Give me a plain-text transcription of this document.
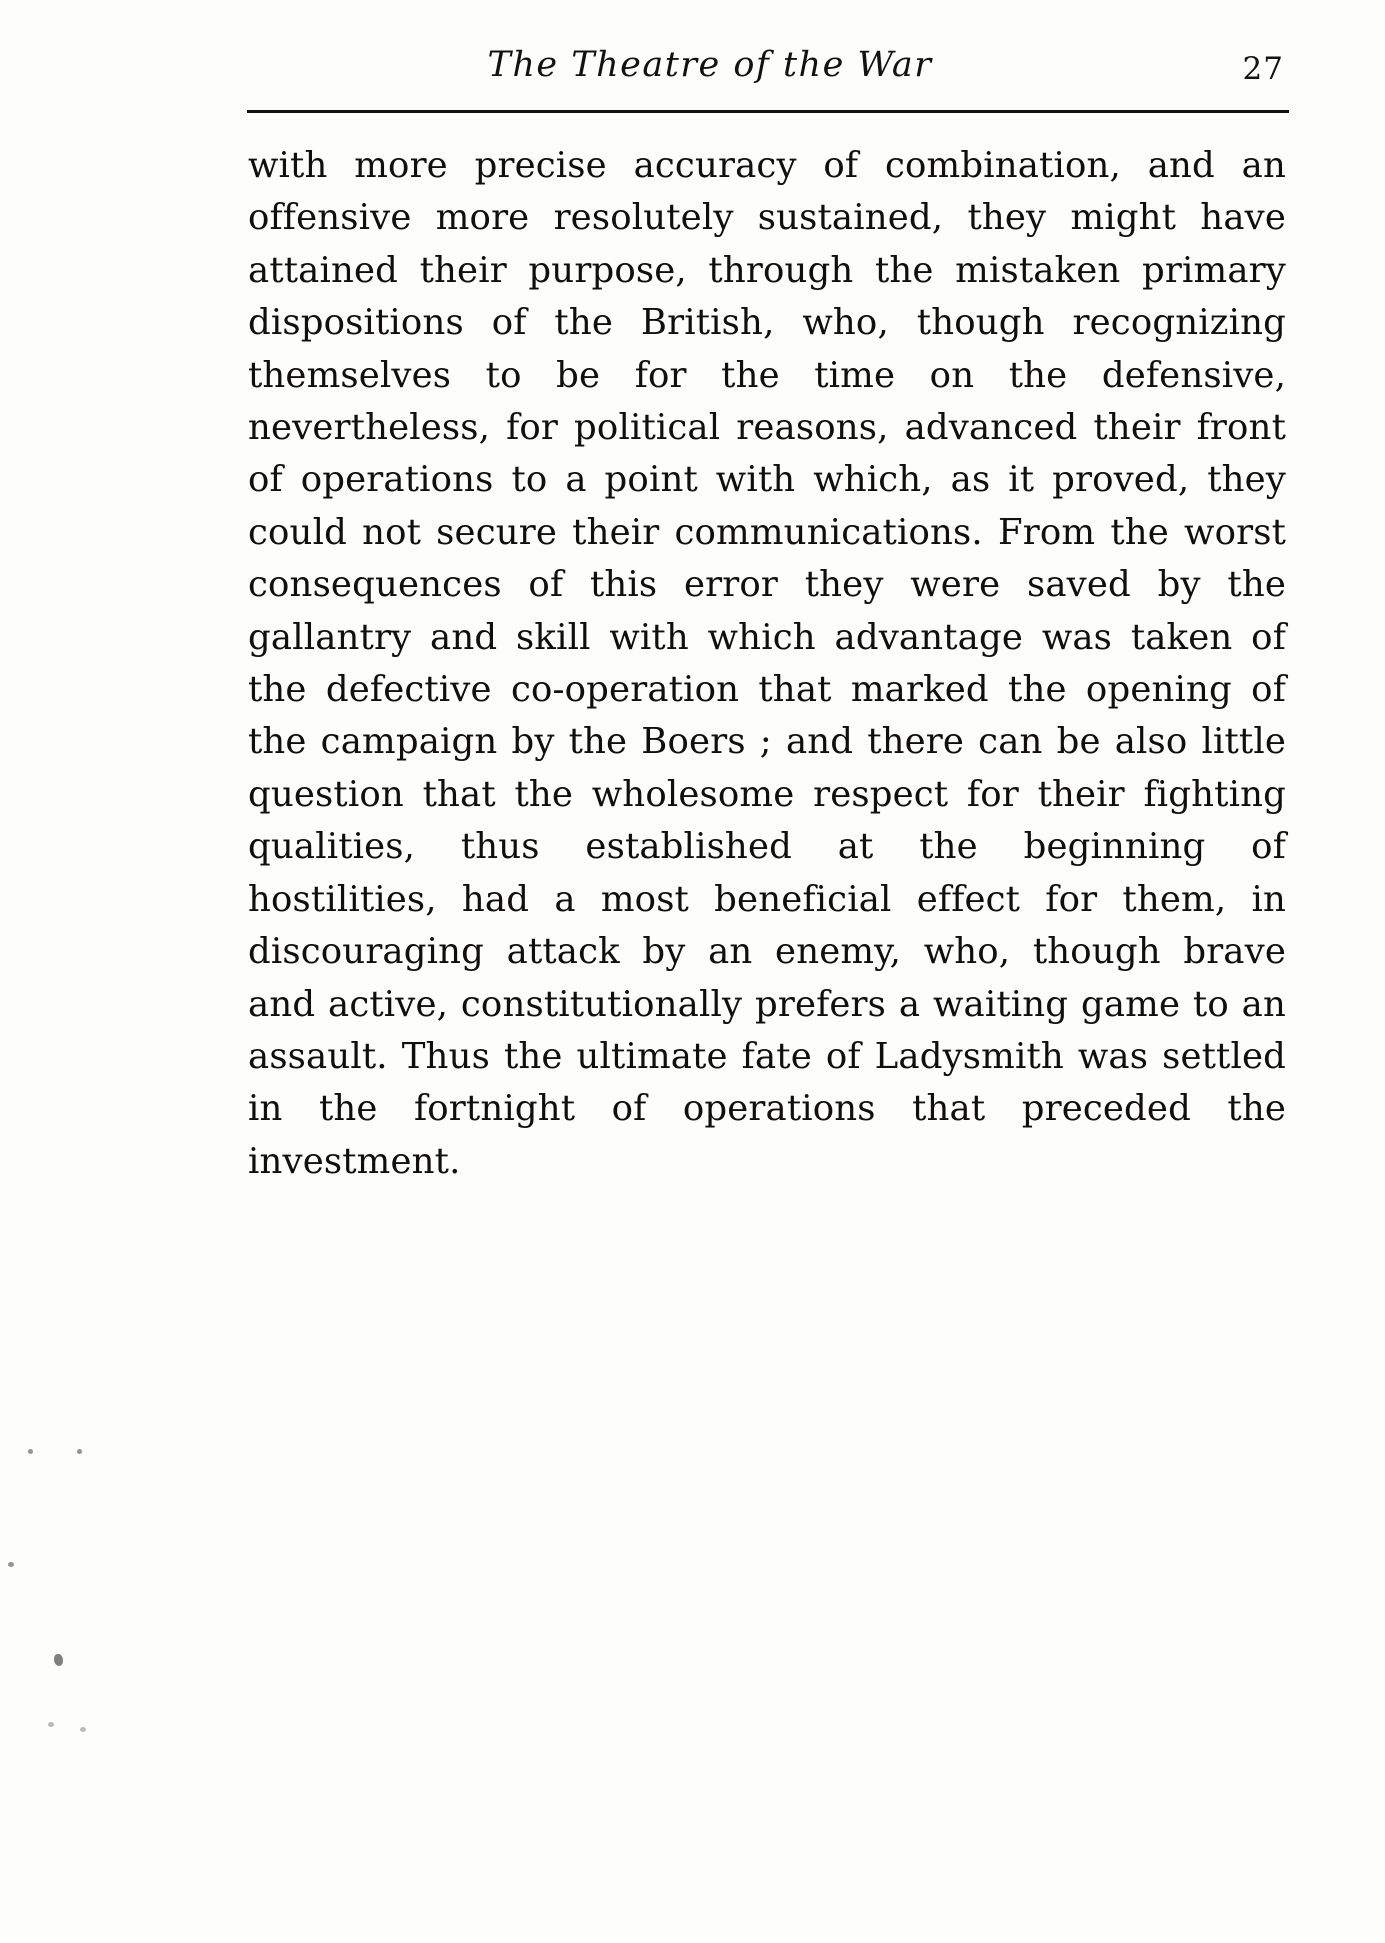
The Theatre of the War	27

with more precise accuracy of combination, and an offensive more resolutely sustained, they might have attained their purpose, through the mistaken primary dispositions of the British, who, though recognizing themselves to be for the time on the defensive, nevertheless, for political reasons, advanced their front of operations to a point with which, as it proved, they could not secure their communications. From the worst consequences of this error they were saved by the gallantry and skill with which advantage was taken of the defective co-operation that marked the opening of the campaign by the Boers ; and there can be also little question that the wholesome respect for their fighting qualities, thus established at the beginning of hostilities, had a most beneficial effect for them, in discouraging attack by an enemy, who, though brave and active, constitutionally prefers a waiting game to an assault. Thus the ultimate fate of Ladysmith was settled in the fortnight of operations that preceded the investment.
